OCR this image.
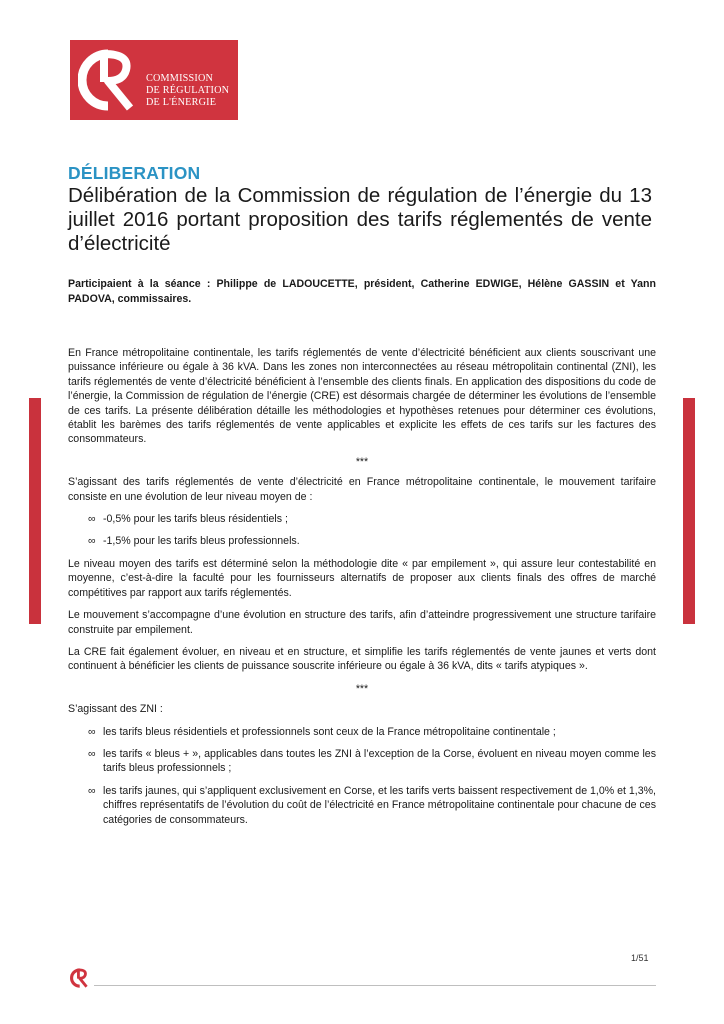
COMMISSION
DE RÉGULATION
DE L'ÉNERGIE
DÉLIBERATION
Délibération de la Commission de régulation de l’énergie du 13 juillet 2016 portant proposition des tarifs réglementés de vente d’électricité
Participaient à la séance : Philippe de LADOUCETTE, président, Catherine EDWIGE, Hélène GASSIN et Yann PADOVA, commissaires.

En France métropolitaine continentale, les tarifs réglementés de vente d’électricité bénéficient aux clients souscrivant une puissance inférieure ou égale à 36 kVA. Dans les zones non interconnectées au réseau métropolitain continental (ZNI), les tarifs réglementés de vente d’électricité bénéficient à l’ensemble des clients finals. En application des dispositions du code de l’énergie, la Commission de régulation de l’énergie (CRE) est désormais chargée de déterminer les évolutions de l’ensemble de ces tarifs. La présente délibération détaille les méthodologies et hypothèses retenues pour déterminer ces évolutions, établit les barèmes des tarifs réglementés de vente applicables et explicite les effets de ces tarifs sur les factures des consommateurs.

***

S’agissant des tarifs réglementés de vente d’électricité en France métropolitaine continentale, le mouvement tarifaire consiste en une évolution de leur niveau moyen de :

∞ -0,5% pour les tarifs bleus résidentiels ;
∞ -1,5% pour les tarifs bleus professionnels.

Le niveau moyen des tarifs est déterminé selon la méthodologie dite « par empilement », qui assure leur contestabilité en moyenne, c’est-à-dire la faculté pour les fournisseurs alternatifs de proposer aux clients finals des offres de marché compétitives par rapport aux tarifs réglementés.

Le mouvement s’accompagne d’une évolution en structure des tarifs, afin d’atteindre progressivement une structure tarifaire construite par empilement.

La CRE fait également évoluer, en niveau et en structure, et simplifie les tarifs réglementés de vente jaunes et verts dont continuent à bénéficier les clients de puissance souscrite inférieure ou égale à 36 kVA, dits « tarifs atypiques ».

***

S’agissant des ZNI :

∞ les tarifs bleus résidentiels et professionnels sont ceux de la France métropolitaine continentale ;
∞ les tarifs « bleus + », applicables dans toutes les ZNI à l’exception de la Corse, évoluent en niveau moyen comme les tarifs bleus professionnels ;
∞ les tarifs jaunes, qui s’appliquent exclusivement en Corse, et les tarifs verts baissent respectivement de 1,0% et 1,3%, chiffres représentatifs de l’évolution du coût de l’électricité en France métropolitaine continentale pour chacune de ces catégories de consommateurs.
1/51
